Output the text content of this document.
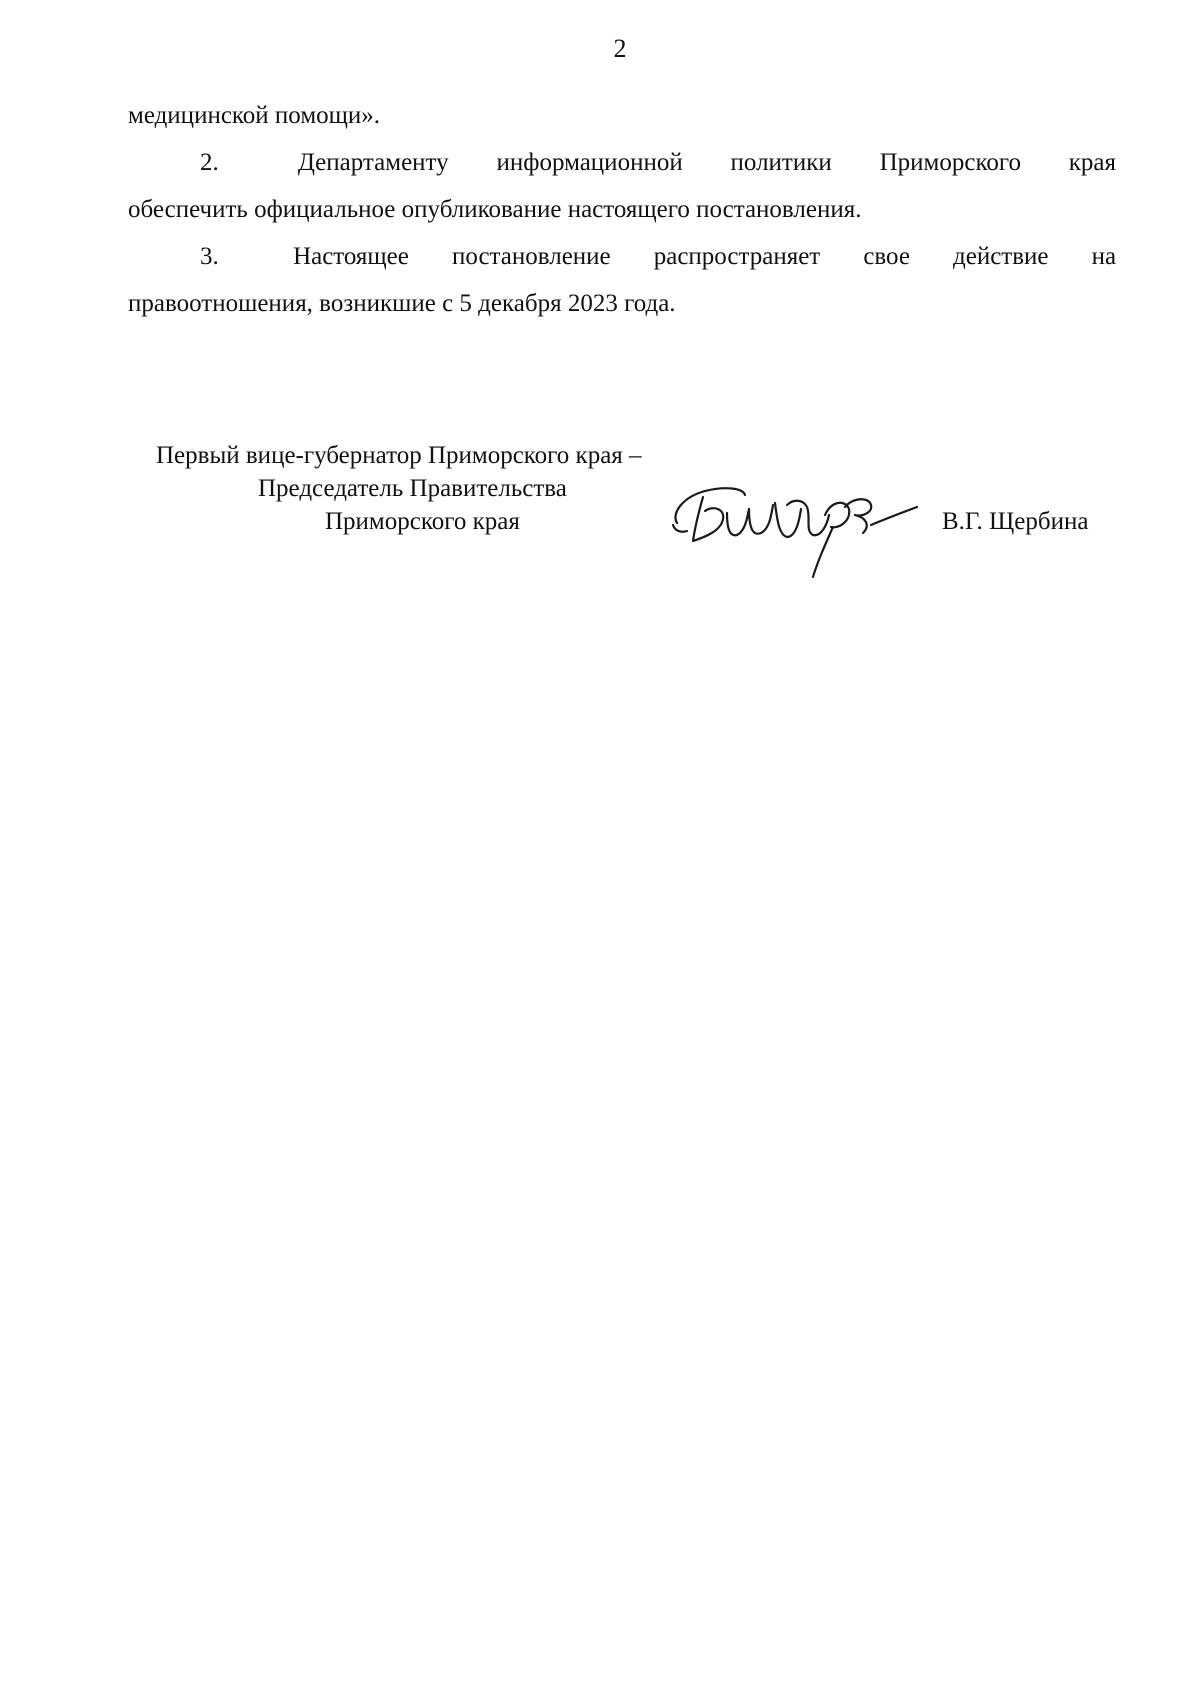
2
медицинской помощи».
2.	Департаменту информационной политики Приморского края
обеспечить официальное опубликование настоящего постановления.
3.	Настоящее постановление распространяет свое действие на
правоотношения, возникшие с 5 декабря 2023 года.
Первый вице-губернатор Приморского края –
Председатель Правительства
Приморского края	В.Г. Щербина
